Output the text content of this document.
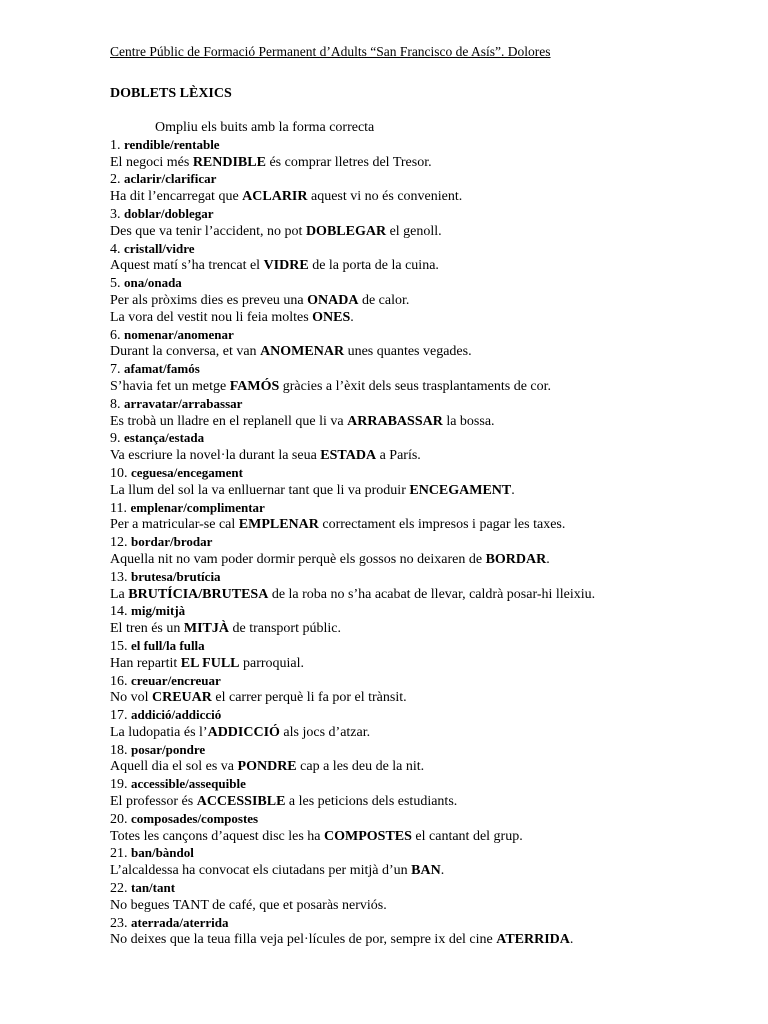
Centre Públic de Formació Permanent d’Adults “San Francisco de Asís”. Dolores
DOBLETS LÈXICS
Ompliu els buits amb la forma correcta
1. rendible/rentable
El negoci més RENDIBLE és comprar lletres del Tresor.
2. aclarir/clarificar
Ha dit l’encarregat que ACLARIR aquest vi no és convenient.
3. doblar/doblegar
Des que va tenir l’accident, no pot DOBLEGAR el genoll.
4. cristall/vidre
Aquest matí s’ha trencat el VIDRE de la porta de la cuina.
5. ona/onada
Per als pròxims dies es preveu una ONADA de calor.
La vora del vestit nou li feia moltes ONES.
6. nomenar/anomenar
Durant la conversa, et van ANOMENAR unes quantes vegades.
7. afamat/famós
S’havia fet un metge FAMÓS gràcies a l’èxit dels seus trasplantaments de cor.
8. arravatar/arrabassar
Es trobà un lladre en el replanell que li va ARRABASSAR la bossa.
9. estança/estada
Va escriure la novel·la durant la seua ESTADA a París.
10. ceguesa/encegament
La llum del sol la va enlluernar tant que li va produir ENCEGAMENT.
11. emplenar/complimentar
Per a matricular-se cal EMPLENAR correctament els impresos i pagar les taxes.
12. bordar/brodar
Aquella nit no vam poder dormir perquè els gossos no deixaren de BORDAR.
13. brutesa/brutícia
La BRUTÍCIA/BRUTESA de la roba no s’ha acabat de llevar, caldrà posar-hi lleixiu.
14. mig/mitjà
El tren és un MITJÀ de transport públic.
15. el full/la fulla
Han repartit EL FULL parroquial.
16. creuar/encreuar
No vol CREUAR el carrer perquè li fa por el trànsit.
17. addició/addicció
La ludopatia és l’ADDICCIÓ als jocs d’atzar.
18. posar/pondre
Aquell dia el sol es va PONDRE cap a les deu de la nit.
19. accessible/assequible
El professor és ACCESSIBLE a les peticions dels estudiants.
20. composades/compostes
Totes les cançons d’aquest disc les ha COMPOSTES el cantant del grup.
21. ban/bàndol
L’alcaldessa ha convocat els ciutadans per mitjà d’un BAN.
22. tan/tant
No begues TANT de café, que et posaràs nerviós.
23. aterrada/aterrida
No deixes que la teua filla veja pel·lícules de por, sempre ix del cine ATERRIDA.
